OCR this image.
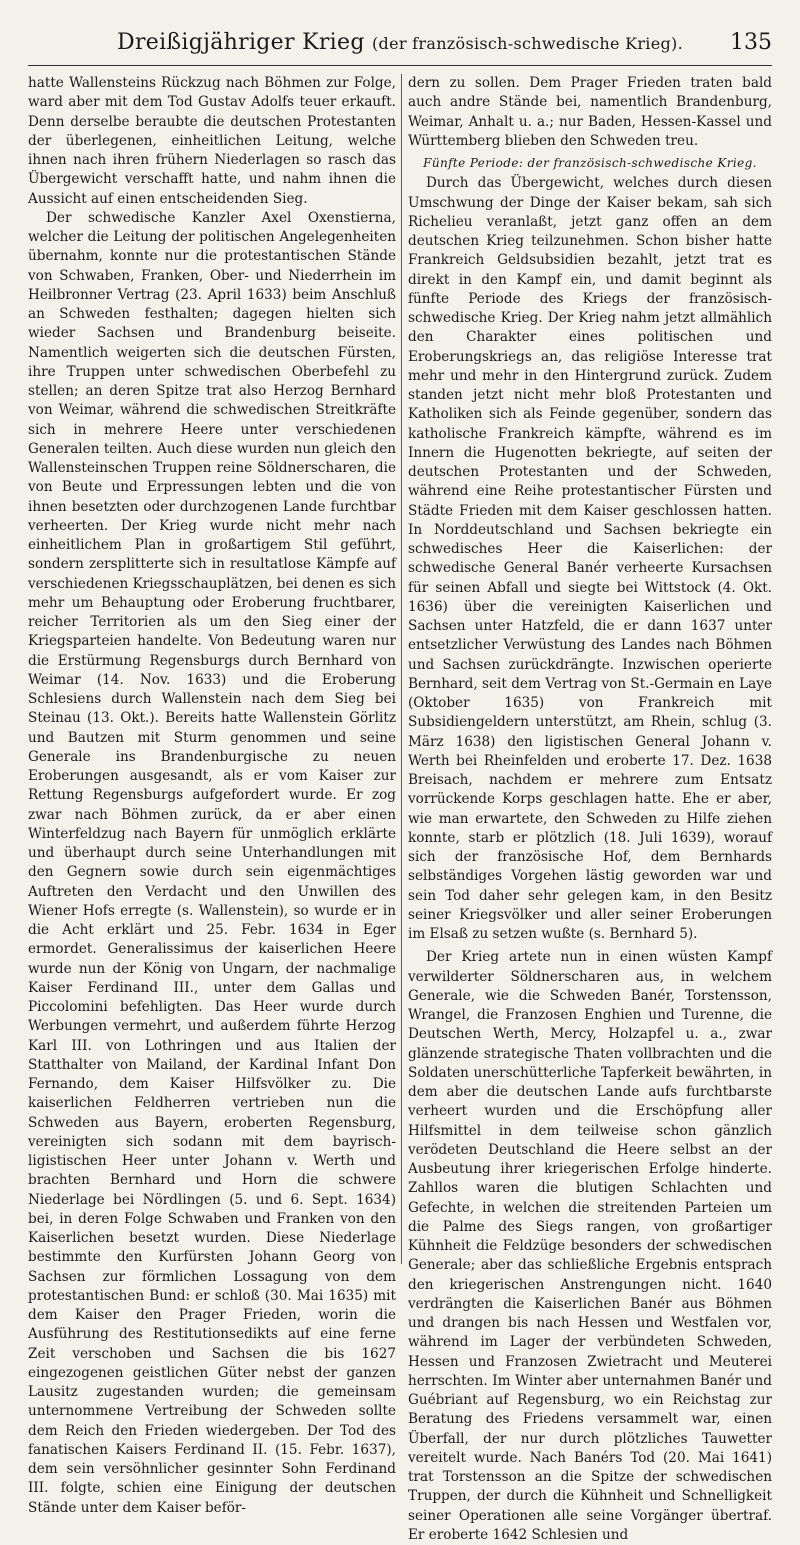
Dreißigjähriger Krieg (der französisch-schwedische Krieg).	135

hatte Wallensteins Rückzug nach Böhmen zur Folge, ward aber mit dem Tod Gustav Adolfs teuer erkauft. Denn derselbe beraubte die deutschen Protestanten der überlegenen, einheitlichen Leitung, welche ihnen nach ihren frühern Niederlagen so rasch das Übergewicht verschafft hatte, und nahm ihnen die Aussicht auf einen entscheidenden Sieg.

Der schwedische Kanzler Axel Oxenstierna, welcher die Leitung der politischen Angelegenheiten übernahm, konnte nur die protestantischen Stände von Schwaben, Franken, Ober- und Niederrhein im Heilbronner Vertrag (23. April 1633) beim Anschluß an Schweden festhalten; dagegen hielten sich wieder Sachsen und Brandenburg beiseite. Namentlich weigerten sich die deutschen Fürsten, ihre Truppen unter schwedischen Oberbefehl zu stellen; an deren Spitze trat also Herzog Bernhard von Weimar, während die schwedischen Streitkräfte sich in mehrere Heere unter verschiedenen Generalen teilten. Auch diese wurden nun gleich den Wallensteinschen Truppen reine Söldnerscharen, die von Beute und Erpressungen lebten und die von ihnen besetzten oder durchzogenen Lande furchtbar verheerten. Der Krieg wurde nicht mehr nach einheitlichem Plan in großartigem Stil geführt, sondern zersplitterte sich in resultatlose Kämpfe auf verschiedenen Kriegsschauplätzen, bei denen es sich mehr um Behauptung oder Eroberung fruchtbarer, reicher Territorien als um den Sieg einer der Kriegsparteien handelte. Von Bedeutung waren nur die Erstürmung Regensburgs durch Bernhard von Weimar (14. Nov. 1633) und die Eroberung Schlesiens durch Wallenstein nach dem Sieg bei Steinau (13. Okt.). Bereits hatte Wallenstein Görlitz und Bautzen mit Sturm genommen und seine Generale ins Brandenburgische zu neuen Eroberungen ausgesandt, als er vom Kaiser zur Rettung Regensburgs aufgefordert wurde. Er zog zwar nach Böhmen zurück, da er aber einen Winterfeldzug nach Bayern für unmöglich erklärte und überhaupt durch seine Unterhandlungen mit den Gegnern sowie durch sein eigenmächtiges Auftreten den Verdacht und den Unwillen des Wiener Hofs erregte (s. Wallenstein), so wurde er in die Acht erklärt und 25. Febr. 1634 in Eger ermordet. Generalissimus der kaiserlichen Heere wurde nun der König von Ungarn, der nachmalige Kaiser Ferdinand III., unter dem Gallas und Piccolomini befehligten. Das Heer wurde durch Werbungen vermehrt, und außerdem führte Herzog Karl III. von Lothringen und aus Italien der Statthalter von Mailand, der Kardinal Infant Don Fernando, dem Kaiser Hilfsvölker zu. Die kaiserlichen Feldherren vertrieben nun die Schweden aus Bayern, eroberten Regensburg, vereinigten sich sodann mit dem bayrisch-ligistischen Heer unter Johann v. Werth und brachten Bernhard und Horn die schwere Niederlage bei Nördlingen (5. und 6. Sept. 1634) bei, in deren Folge Schwaben und Franken von den Kaiserlichen besetzt wurden. Diese Niederlage bestimmte den Kurfürsten Johann Georg von Sachsen zur förmlichen Lossagung von dem protestantischen Bund: er schloß (30. Mai 1635) mit dem Kaiser den Prager Frieden, worin die Ausführung des Restitutionsedikts auf eine ferne Zeit verschoben und Sachsen die bis 1627 eingezogenen geistlichen Güter nebst der ganzen Lausitz zugestanden wurden; die gemeinsam unternommene Vertreibung der Schweden sollte dem Reich den Frieden wiedergeben. Der Tod des fanatischen Kaisers Ferdinand II. (15. Febr. 1637), dem sein versöhnlicher gesinnter Sohn Ferdinand III. folgte, schien eine Einigung der deutschen Stände unter dem Kaiser beför-

dern zu sollen. Dem Prager Frieden traten bald auch andre Stände bei, namentlich Brandenburg, Weimar, Anhalt u. a.; nur Baden, Hessen-Kassel und Württemberg blieben den Schweden treu.

Fünfte Periode: der französisch-schwedische Krieg.

Durch das Übergewicht, welches durch diesen Umschwung der Dinge der Kaiser bekam, sah sich Richelieu veranlaßt, jetzt ganz offen an dem deutschen Krieg teilzunehmen. Schon bisher hatte Frankreich Geldsubsidien bezahlt, jetzt trat es direkt in den Kampf ein, und damit beginnt als fünfte Periode des Kriegs der französisch-schwedische Krieg. Der Krieg nahm jetzt allmählich den Charakter eines politischen und Eroberungskriegs an, das religiöse Interesse trat mehr und mehr in den Hintergrund zurück. Zudem standen jetzt nicht mehr bloß Protestanten und Katholiken sich als Feinde gegenüber, sondern das katholische Frankreich kämpfte, während es im Innern die Hugenotten bekriegte, auf seiten der deutschen Protestanten und der Schweden, während eine Reihe protestantischer Fürsten und Städte Frieden mit dem Kaiser geschlossen hatten. In Norddeutschland und Sachsen bekriegte ein schwedisches Heer die Kaiserlichen: der schwedische General Banér verheerte Kursachsen für seinen Abfall und siegte bei Wittstock (4. Okt. 1636) über die vereinigten Kaiserlichen und Sachsen unter Hatzfeld, die er dann 1637 unter entsetzlicher Verwüstung des Landes nach Böhmen und Sachsen zurückdrängte. Inzwischen operierte Bernhard, seit dem Vertrag von St.-Germain en Laye (Oktober 1635) von Frankreich mit Subsidiengeldern unterstützt, am Rhein, schlug (3. März 1638) den ligistischen General Johann v. Werth bei Rheinfelden und eroberte 17. Dez. 1638 Breisach, nachdem er mehrere zum Entsatz vorrückende Korps geschlagen hatte. Ehe er aber, wie man erwartete, den Schweden zu Hilfe ziehen konnte, starb er plötzlich (18. Juli 1639), worauf sich der französische Hof, dem Bernhards selbständiges Vorgehen lästig geworden war und sein Tod daher sehr gelegen kam, in den Besitz seiner Kriegsvölker und aller seiner Eroberungen im Elsaß zu setzen wußte (s. Bernhard 5).

Der Krieg artete nun in einen wüsten Kampf verwilderter Söldnerscharen aus, in welchem Generale, wie die Schweden Banér, Torstensson, Wrangel, die Franzosen Enghien und Turenne, die Deutschen Werth, Mercy, Holzapfel u. a., zwar glänzende strategische Thaten vollbrachten und die Soldaten unerschütterliche Tapferkeit bewährten, in dem aber die deutschen Lande aufs furchtbarste verheert wurden und die Erschöpfung aller Hilfsmittel in dem teilweise schon gänzlich verödeten Deutschland die Heere selbst an der Ausbeutung ihrer kriegerischen Erfolge hinderte. Zahllos waren die blutigen Schlachten und Gefechte, in welchen die streitenden Parteien um die Palme des Siegs rangen, von großartiger Kühnheit die Feldzüge besonders der schwedischen Generale; aber das schließliche Ergebnis entsprach den kriegerischen Anstrengungen nicht. 1640 verdrängten die Kaiserlichen Banér aus Böhmen und drangen bis nach Hessen und Westfalen vor, während im Lager der verbündeten Schweden, Hessen und Franzosen Zwietracht und Meuterei herrschten. Im Winter aber unternahmen Banér und Guébriant auf Regensburg, wo ein Reichstag zur Beratung des Friedens versammelt war, einen Überfall, der nur durch plötzliches Tauwetter vereitelt wurde. Nach Banérs Tod (20. Mai 1641) trat Torstensson an die Spitze der schwedischen Truppen, der durch die Kühnheit und Schnelligkeit seiner Operationen alle seine Vorgänger übertraf. Er eroberte 1642 Schlesien und
